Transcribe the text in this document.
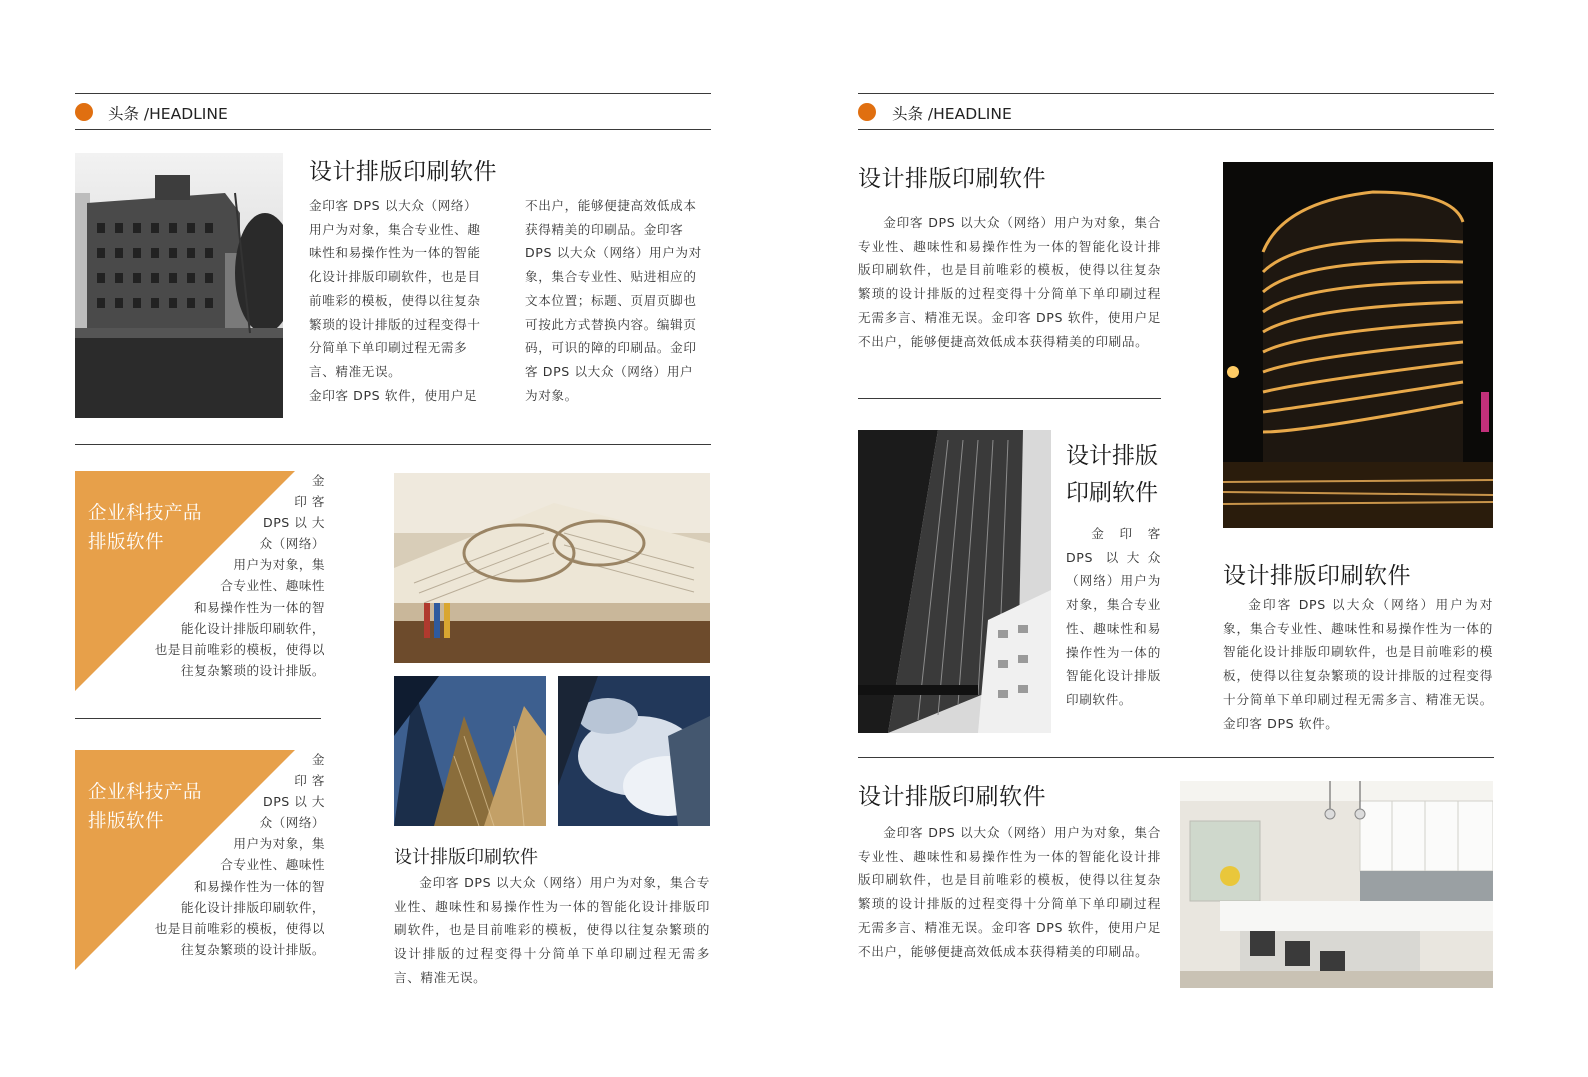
头条 /HEADLINE
设计排版印刷软件

金印客 DPS 以大众（网络）

用户为对象，集合专业性、趣

味性和易操作性为一体的智能

化设计排版印刷软件，也是目

前唯彩的模板，使得以往复杂

繁琐的设计排版的过程变得十

分简单下单印刷过程无需多

言、精准无误。

金印客 DPS 软件，使用户足

不出户，能够便捷高效低成本

获得精美的印刷品。金印客

DPS 以大众（网络）用户为对

象，集合专业性、贴进相应的

文本位置；标题、页眉页脚也

可按此方式替换内容。编辑页

码，可识的障的印刷品。金印

客 DPS 以大众（网络）用户

为对象。

企业科技产品
排版软件
金
印 客
DPS 以 大
众（网络）
用户为对象，集
合专业性、趣味性
和易操作性为一体的智
能化设计排版印刷软件，
也是目前唯彩的模板，使得以
往复杂繁琐的设计排版。
企业科技产品
排版软件
金
印 客
DPS 以 大
众（网络）
用户为对象，集
合专业性、趣味性
和易操作性为一体的智
能化设计排版印刷软件，
也是目前唯彩的模板，使得以
往复杂繁琐的设计排版。
设计排版印刷软件

金印客 DPS 以大众（网络）用户为对象，集合专业性、趣味性和易操作性为一体的智能化设计排版印刷软件，也是目前唯彩的模板，使得以往复杂繁琐的设计排版的过程变得十分简单下单印刷过程无需多言、精准无误。

头条 /HEADLINE
设计排版印刷软件

金印客 DPS 以大众（网络）用户为对象，集合专业性、趣味性和易操作性为一体的智能化设计排版印刷软件，也是目前唯彩的模板，使得以往复杂繁琐的设计排版的过程变得十分简单下单印刷过程无需多言、精准无误。金印客 DPS 软件，使用户足不出户，能够便捷高效低成本获得精美的印刷品。

设计排版
印刷软件

金印客 DPS 以大众（网络）用户为对象，集合专业性、趣味性和易操作性为一体的智能化设计排版印刷软件。

设计排版印刷软件

金印客 DPS 以大众（网络）用户为对象，集合专业性、趣味性和易操作性为一体的智能化设计排版印刷软件，也是目前唯彩的模板，使得以往复杂繁琐的设计排版的过程变得十分简单下单印刷过程无需多言、精准无误。金印客 DPS 软件。

设计排版印刷软件

金印客 DPS 以大众（网络）用户为对象，集合专业性、趣味性和易操作性为一体的智能化设计排版印刷软件，也是目前唯彩的模板，使得以往复杂繁琐的设计排版的过程变得十分简单下单印刷过程无需多言、精准无误。金印客 DPS 软件，使用户足不出户，能够便捷高效低成本获得精美的印刷品。
